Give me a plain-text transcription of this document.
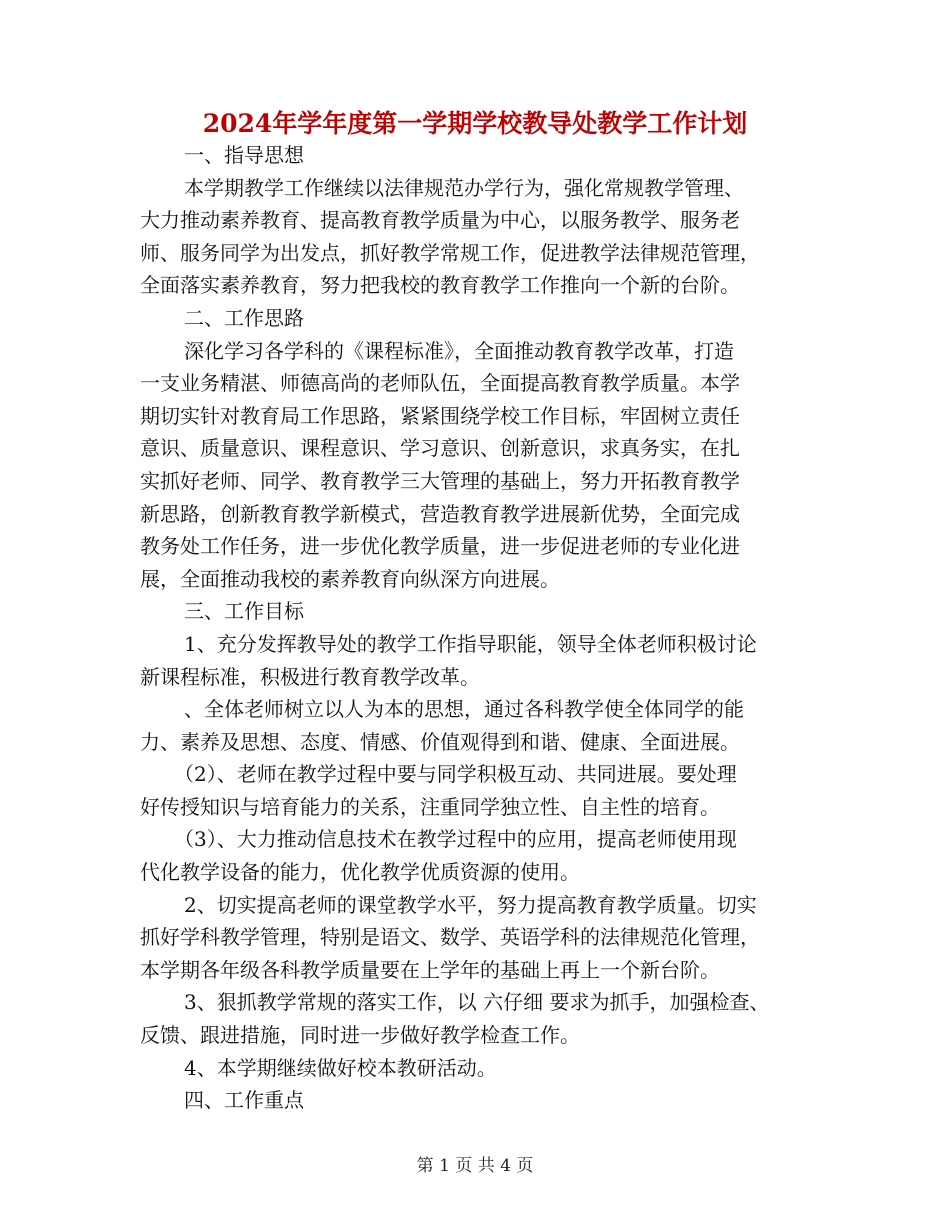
2024年学年度第一学期学校教导处教学工作计划
一、指导思想
本学期教学工作继续以法律规范办学行为，强化常规教学管理、
大力推动素养教育、提高教育教学质量为中心，以服务教学、服务老
师、服务同学为出发点，抓好教学常规工作，促进教学法律规范管理，
全面落实素养教育，努力把我校的教育教学工作推向一个新的台阶。
二、工作思路
深化学习各学科的《课程标准》，全面推动教育教学改革，打造
一支业务精湛、师德高尚的老师队伍，全面提高教育教学质量。本学
期切实针对教育局工作思路，紧紧围绕学校工作目标，牢固树立责任
意识、质量意识、课程意识、学习意识、创新意识，求真务实，在扎
实抓好老师、同学、教育教学三大管理的基础上，努力开拓教育教学
新思路，创新教育教学新模式，营造教育教学进展新优势，全面完成
教务处工作任务，进一步优化教学质量，进一步促进老师的专业化进
展，全面推动我校的素养教育向纵深方向进展。
三、工作目标
1、充分发挥教导处的教学工作指导职能，领导全体老师积极讨论
新课程标准，积极进行教育教学改革。
、全体老师树立以人为本的思想，通过各科教学使全体同学的能
力、素养及思想、态度、情感、价值观得到和谐、健康、全面进展。
（2）、老师在教学过程中要与同学积极互动、共同进展。要处理
好传授知识与培育能力的关系，注重同学独立性、自主性的培育。
（3）、大力推动信息技术在教学过程中的应用，提高老师使用现
代化教学设备的能力，优化教学优质资源的使用。
2、切实提高老师的课堂教学水平，努力提高教育教学质量。切实
抓好学科教学管理，特别是语文、数学、英语学科的法律规范化管理，
本学期各年级各科教学质量要在上学年的基础上再上一个新台阶。
3、狠抓教学常规的落实工作，以 六仔细 要求为抓手，加强检查、
反馈、跟进措施，同时进一步做好教学检查工作。
4、本学期继续做好校本教研活动。
四、工作重点
第 1 页 共 4 页
